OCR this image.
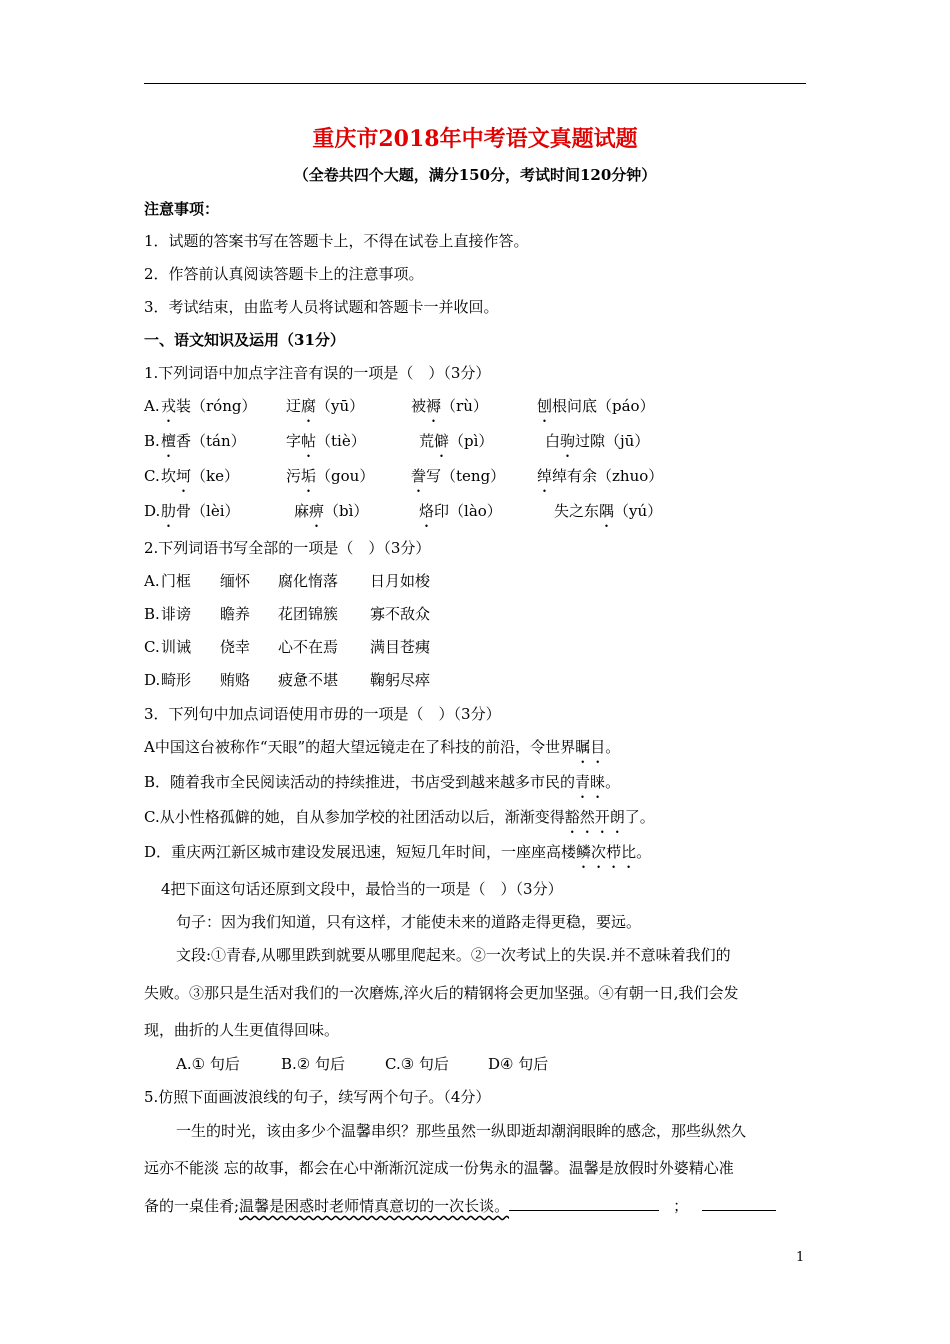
重庆市2018年中考语文真题试题
（全卷共四个大题，满分150分，考试时间120分钟）
注意事项：
1．试题的答案书写在答题卡上，不得在试卷上直接作答。
2．作答前认真阅读答题卡上的注意事项。
3．考试结束，由监考人员将试题和答题卡一并收回。
一、语文知识及运用（31分）
1.下列词语中加点字注音有误的一项是（　）（3分）
A. 戎装（róng） 迂腐（yū）	被褥（rù）	刨根问底（páo）
B. 檀香（tán）	字帖（tiè）	荒僻（pì）	白驹过隙（jū）
C. 坎坷（ke）	污垢（gou） 誊写（teng） 绰绰有余（zhuo）
D. 肋骨（lèi）	麻痹（bì）	烙印（lào）	失之东隅（yú）
2.下列词语书写全部的一项是（　）（3分）
A. 门框 缅怀 腐化惰落 日月如梭
B. 诽谤 瞻养 花团锦簇 寡不敌众
C. 训诫 侥幸 心不在焉 满目苍痍
D. 畸形 贿赂 疲惫不堪 鞠躬尽瘁
3．下列句中加点词语使用市毋的一项是（　）（3分）
A中国这台被称作“天眼”的超大望远镜走在了科技的前沿，令世界瞩目。
B．随着我市全民阅读活动的持续推进，书店受到越来越多市民的青睐。
C.从小性格孤僻的她，自从参加学校的社团活动以后，渐渐变得豁然开朗了。
D．重庆两江新区城市建设发展迅速，短短几年时间，一座座高楼鳞次栉比。
4把下面这句话还原到文段中，最恰当的一项是（　）（3分）
句子：因为我们知道，只有这样，才能使未来的道路走得更稳，要远。
文段:①青春,从哪里跌到就要从哪里爬起来。②一次考试上的失误.并不意味着我们的
失败。③那只是生活对我们的一次磨炼,淬火后的精钢将会更加坚强。④有朝一日,我们会发
现，曲折的人生更值得回味。
A.① 句后	B.② 句后	C.③ 句后	D④ 句后
5.仿照下面画波浪线的句子，续写两个句子。（4分）
一生的时光，该由多少个温馨串织？那些虽然一纵即逝却潮润眼眸的感念，那些纵然久
远亦不能淡 忘的故事，都会在心中渐渐沉淀成一份隽永的温馨。温馨是放假时外婆精心准
备的一桌佳肴;温馨是困惑时老师情真意切的一次长谈。	；
1
